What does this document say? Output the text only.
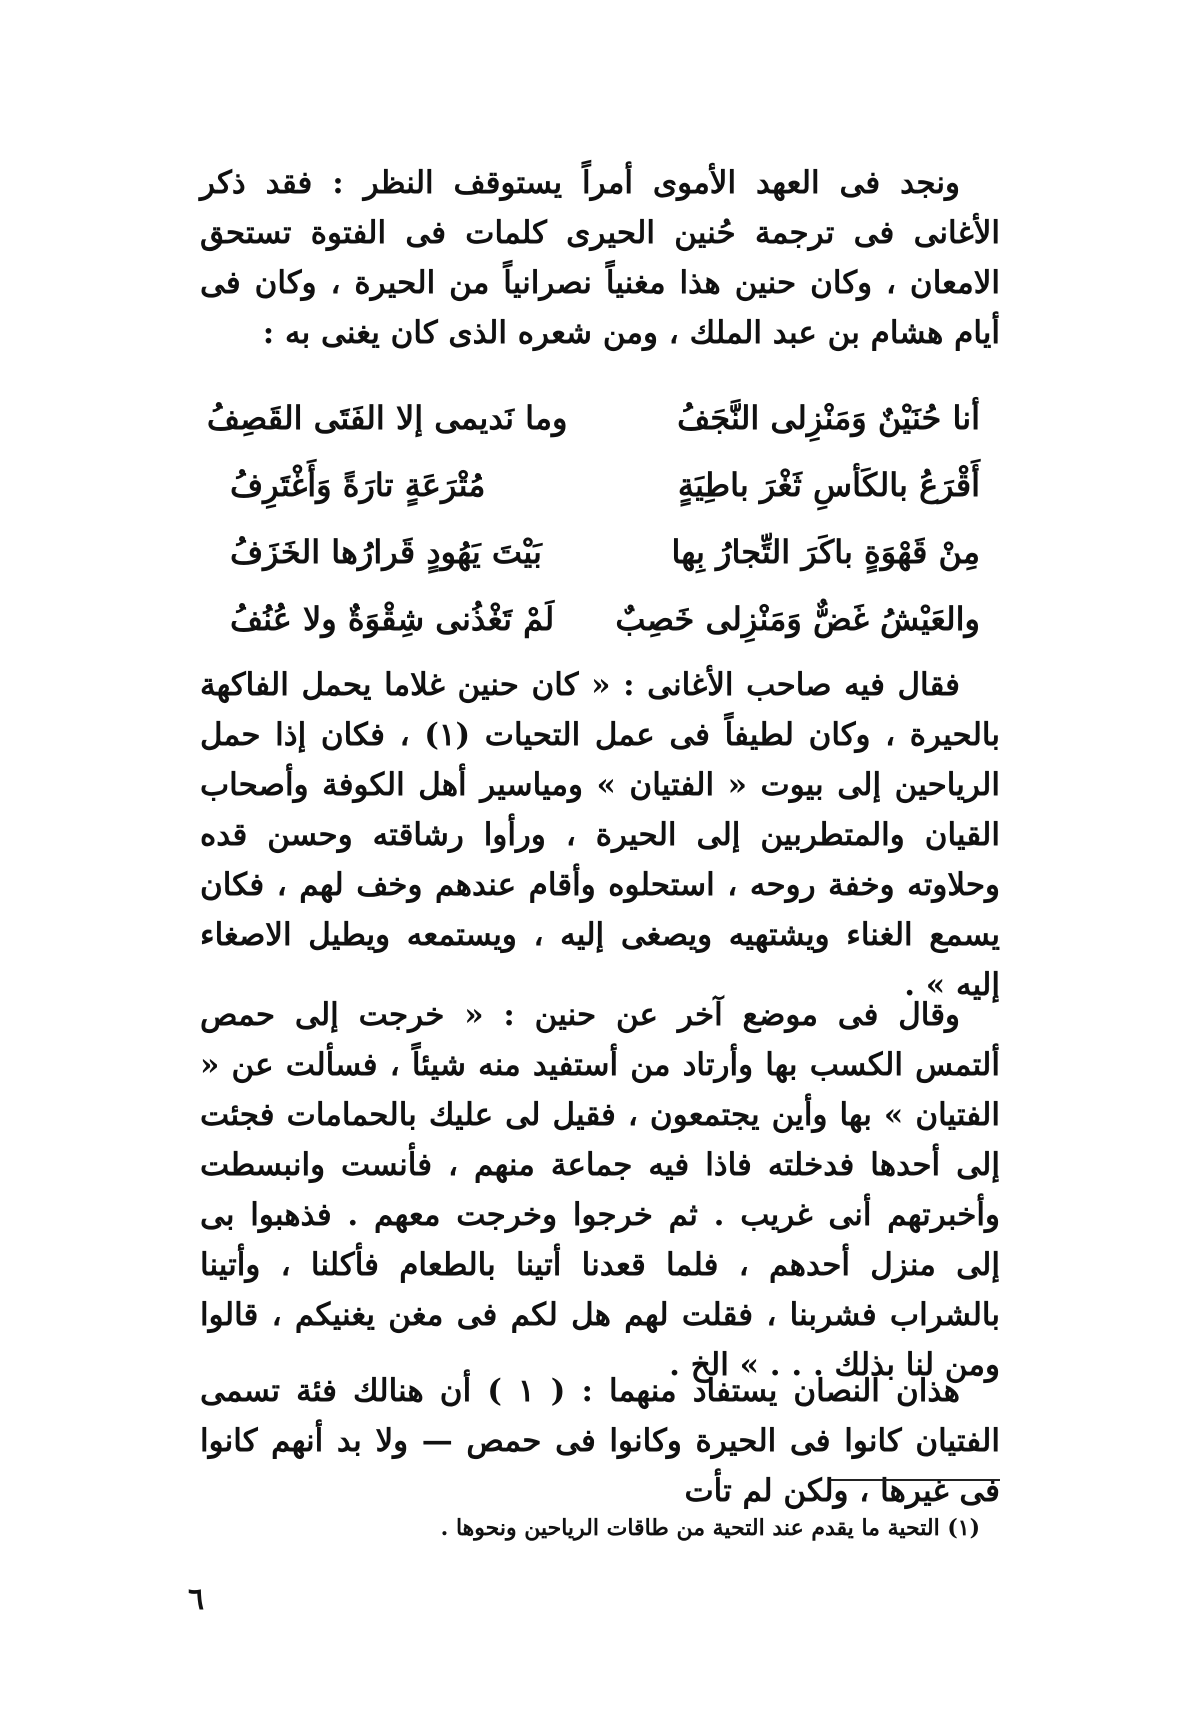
ونجد فى العهد الأموى أمراً يستوقف النظر : فقد ذكر الأغانى فى ترجمة حُنين الحيرى كلمات فى الفتوة تستحق الامعان ، وكان حنين هذا مغنياً نصرانياً من الحيرة ، وكان فى أيام هشام بن عبد الملك ، ومن شعره الذى كان يغنى به :

أنا حُنَيْنٌ وَمَنْزِلى النَّجَفُ
وما نَديمى إلا الفَتَى القَصِفُ
أَقْرَعُ بالكَأسِ ثَغْرَ باطِيَةٍ
مُتْرَعَةٍ تارَةً وَأَغْتَرِفُ
مِنْ قَهْوَةٍ باكَرَ التِّجارُ بِها
بَيْتَ يَهُودٍ قَرارُها الخَزَفُ
والعَيْشُ غَضٌّ وَمَنْزِلى خَصِبٌ
لَمْ تَغْذُنى شِقْوَةٌ ولا عُنُفُ

فقال فيه صاحب الأغانى : « كان حنين غلاما يحمل الفاكهة بالحيرة ، وكان لطيفاً فى عمل التحيات (١) ، فكان إذا حمل الرياحين إلى بيوت « الفتيان » ومياسير أهل الكوفة وأصحاب القيان والمتطربين إلى الحيرة ، ورأوا رشاقته وحسن قده وحلاوته وخفة روحه ، استحلوه وأقام عندهم وخف لهم ، فكان يسمع الغناء ويشتهيه ويصغى إليه ، ويستمعه ويطيل الاصغاء إليه » .

وقال فى موضع آخر عن حنين : « خرجت إلى حمص ألتمس الكسب بها وأرتاد من أستفيد منه شيئاً ، فسألت عن « الفتيان » بها وأين يجتمعون ، فقيل لى عليك بالحمامات فجئت إلى أحدها فدخلته فاذا فيه جماعة منهم ، فأنست وانبسطت وأخبرتهم أنى غريب . ثم خرجوا وخرجت معهم . فذهبوا بى إلى منزل أحدهم ، فلما قعدنا أتينا بالطعام فأكلنا ، وأتينا بالشراب فشربنا ، فقلت لهم هل لكم فى مغن يغنيكم ، قالوا ومن لنا بذلك . . . » الخ .

هذان النصان يستفاد منهما : ( ١ ) أن هنالك فئة تسمى الفتيان كانوا فى الحيرة وكانوا فى حمص — ولا بد أنهم كانوا فى غيرها ، ولكن لم تأت

(١) التحية ما يقدم عند التحية من طاقات الرياحين ونحوها .
٦
